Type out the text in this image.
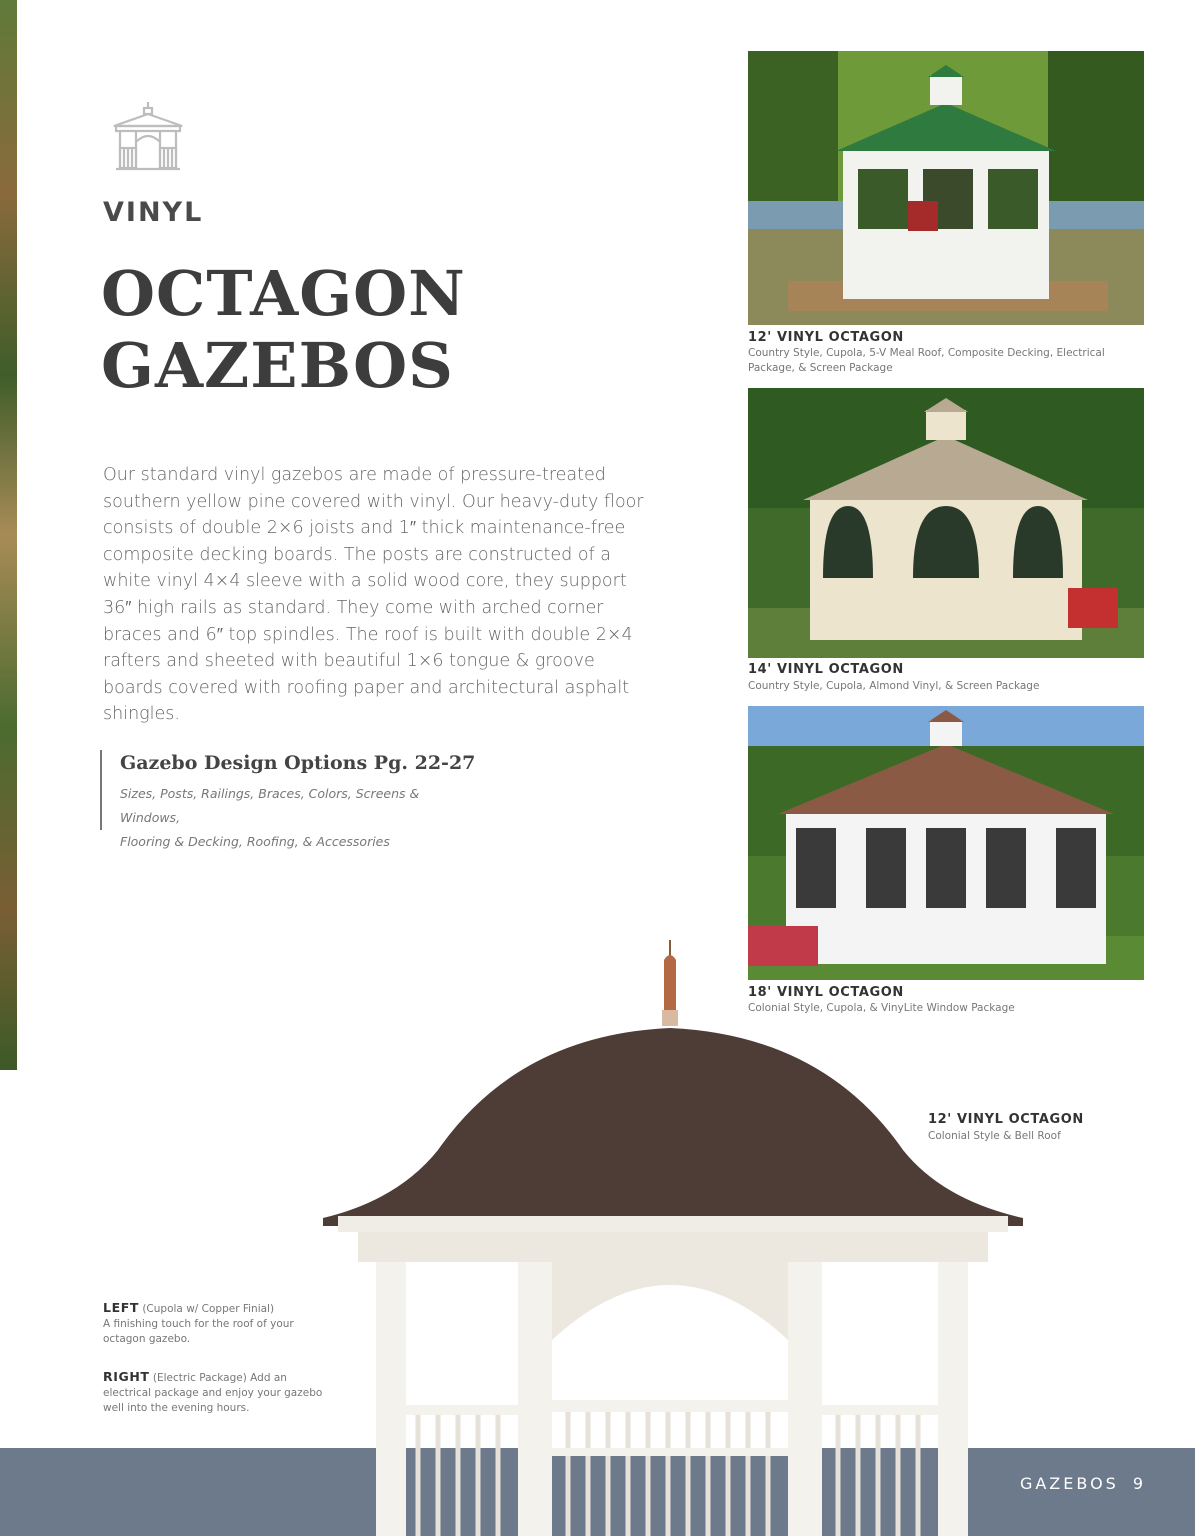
VINYL
OCTAGON
GAZEBOS

Our standard vinyl gazebos are made of pressure-treated southern yellow pine covered with vinyl. Our heavy-duty floor consists of double 2×6 joists and 1″ thick maintenance-free composite decking boards. The posts are constructed of a white vinyl 4×4 sleeve with a solid wood core, they support 36″ high rails as standard. They come with arched corner braces and 6″ top spindles. The roof is built with double 2×4 rafters and sheeted with beautiful 1×6 tongue & groove boards covered with roofing paper and architectural asphalt shingles.

Gazebo Design Options Pg. 22-27
Sizes, Posts, Railings, Braces, Colors, Screens & Windows,
Flooring & Decking, Roofing, & Accessories
12' VINYL OCTAGON
Country Style, Cupola, 5-V Meal Roof, Composite Decking, Electrical
Package, & Screen Package
14' VINYL OCTAGON
Country Style, Cupola, Almond Vinyl, & Screen Package
18' VINYL OCTAGON
Colonial Style, Cupola, & VinyLite Window Package
12' VINYL OCTAGON
Colonial Style & Bell Roof
LEFT (Cupola w/ Copper Finial)
A finishing touch for the roof of your octagon gazebo.
RIGHT (Electric Package) Add an
electrical package and enjoy your gazebo well into the evening hours.
GAZEBOS 9
